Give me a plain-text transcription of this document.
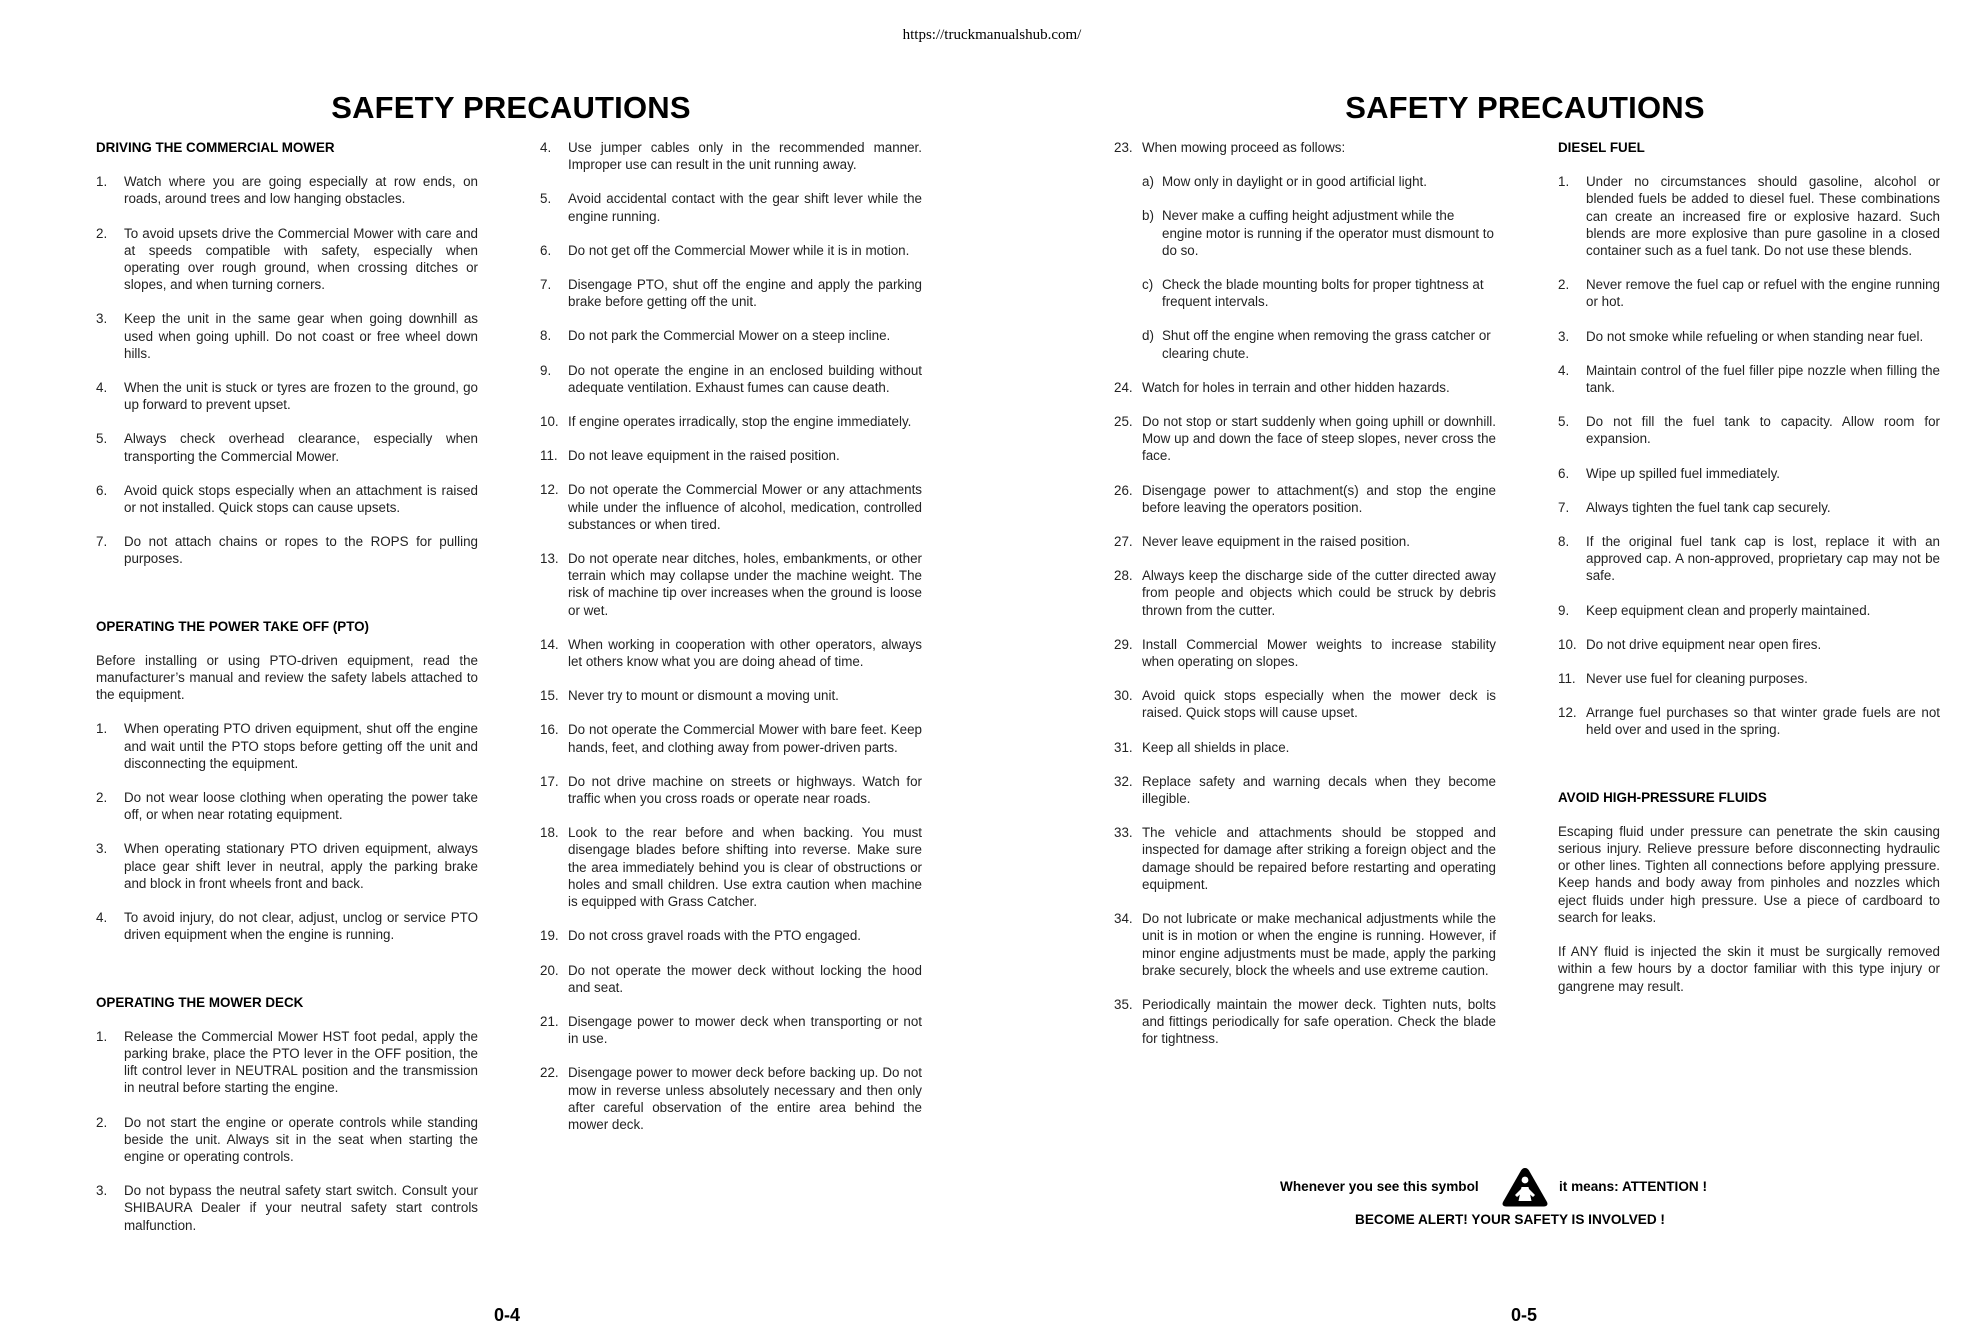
https://truckmanualshub.com/
SAFETY PRECAUTIONS
DRIVING THE COMMERCIAL MOWER
1.	Watch where you are going especially at row ends, on roads, around trees and low hanging obstacles.
2.	To avoid upsets drive the Commercial Mower with care and at speeds compatible with safety, especially when operating over rough ground, when crossing ditches or slopes, and when turning corners.
3.	Keep the unit in the same gear when going downhill as used when going uphill. Do not coast or free wheel down hills.
4.	When the unit is stuck or tyres are frozen to the ground, go up forward to prevent upset.
5.	Always check overhead clearance, especially when transporting the Commercial Mower.
6.	Avoid quick stops especially when an attachment is raised or not installed. Quick stops can cause upsets.
7.	Do not attach chains or ropes to the ROPS for pulling purposes.
OPERATING THE POWER TAKE OFF (PTO)
Before installing or using PTO-driven equipment, read the manufacturer’s manual and review the safety labels attached to the equipment.
1.	When operating PTO driven equipment, shut off the engine and wait until the PTO stops before getting off the unit and disconnecting the equipment.
2.	Do not wear loose clothing when operating the power take off, or when near rotating equipment.
3.	When operating stationary PTO driven equipment, always place gear shift lever in neutral, apply the parking brake and block in front wheels front and back.
4.	To avoid injury, do not clear, adjust, unclog or service PTO driven equipment when the engine is running.
OPERATING THE MOWER DECK
1.	Release the Commercial Mower HST foot pedal, apply the parking brake, place the PTO lever in the OFF position, the lift control lever in NEUTRAL position and the transmission in neutral before starting the engine.
2.	Do not start the engine or operate controls while standing beside the unit. Always sit in the seat when starting the engine or operating controls.
3.	Do not bypass the neutral safety start switch. Consult your SHIBAURA Dealer if your neutral safety start controls malfunction.
4.	Use jumper cables only in the recommended manner. Improper use can result in the unit running away.
5.	Avoid accidental contact with the gear shift lever while the engine running.
6.	Do not get off the Commercial Mower while it is in motion.
7.	Disengage PTO, shut off the engine and apply the parking brake before getting off the unit.
8.	Do not park the Commercial Mower on a steep incline.
9.	Do not operate the engine in an enclosed building without adequate ventilation. Exhaust fumes can cause death.
10. If engine operates irradically, stop the engine immediately.
11. Do not leave equipment in the raised position.
12. Do not operate the Commercial Mower or any attachments while under the influence of alcohol, medication, controlled substances or when tired.
13. Do not operate near ditches, holes, embankments, or other terrain which may collapse under the machine weight. The risk of machine tip over increases when the ground is loose or wet.
14. When working in cooperation with other operators, always let others know what you are doing ahead of time.
15. Never try to mount or dismount a moving unit.
16. Do not operate the Commercial Mower with bare feet. Keep hands, feet, and clothing away from power-driven parts.
17. Do not drive machine on streets or highways. Watch for traffic when you cross roads or operate near roads.
18. Look to the rear before and when backing. You must disengage blades before shifting into reverse. Make sure the area immediately behind you is clear of obstructions or holes and small children. Use extra caution when machine is equipped with Grass Catcher.
19. Do not cross gravel roads with the PTO engaged.
20. Do not operate the mower deck without locking the hood and seat.
21. Disengage power to mower deck when transporting or not in use.
22. Disengage power to mower deck before backing up. Do not mow in reverse unless absolutely necessary and then only after careful observation of the entire area behind the mower deck.
0-4
SAFETY PRECAUTIONS
23. When mowing proceed as follows:
a) Mow only in daylight or in good artificial light.
b) Never make a cuffing height adjustment while the engine motor is running if the operator must dismount to do so.
c) Check the blade mounting bolts for proper tightness at frequent intervals.
d) Shut off the engine when removing the grass catcher or clearing chute.
24. Watch for holes in terrain and other hidden hazards.
25. Do not stop or start suddenly when going uphill or downhill. Mow up and down the face of steep slopes, never cross the face.
26. Disengage power to attachment(s) and stop the engine before leaving the operators position.
27. Never leave equipment in the raised position.
28. Always keep the discharge side of the cutter directed away from people and objects which could be struck by debris thrown from the cutter.
29. Install Commercial Mower weights to increase stability when operating on slopes.
30. Avoid quick stops especially when the mower deck is raised. Quick stops will cause upset.
31. Keep all shields in place.
32. Replace safety and warning decals when they become illegible.
33. The vehicle and attachments should be stopped and inspected for damage after striking a foreign object and the damage should be repaired before restarting and operating equipment.
34. Do not lubricate or make mechanical adjustments while the unit is in motion or when the engine is running. However, if minor engine adjustments must be made, apply the parking brake securely, block the wheels and use extreme caution.
35. Periodically maintain the mower deck. Tighten nuts, bolts and fittings periodically for safe operation. Check the blade for tightness.
DIESEL FUEL
1.	Under no circumstances should gasoline, alcohol or blended fuels be added to diesel fuel. These combinations can create an increased fire or explosive hazard. Such blends are more explosive than pure gasoline in a closed container such as a fuel tank. Do not use these blends.
2.	Never remove the fuel cap or refuel with the engine running or hot.
3.	Do not smoke while refueling or when standing near fuel.
4.	Maintain control of the fuel filler pipe nozzle when filling the tank.
5.	Do not fill the fuel tank to capacity. Allow room for expansion.
6.	Wipe up spilled fuel immediately.
7.	Always tighten the fuel tank cap securely.
8.	If the original fuel tank cap is lost, replace it with an approved cap. A non-approved, proprietary cap may not be safe.
9.	Keep equipment clean and properly maintained.
10. Do not drive equipment near open fires.
11. Never use fuel for cleaning purposes.
12. Arrange fuel purchases so that winter grade fuels are not held over and used in the spring.
AVOID HIGH-PRESSURE FLUIDS
Escaping fluid under pressure can penetrate the skin causing serious injury. Relieve pressure before disconnecting hydraulic or other lines. Tighten all connections before applying pressure. Keep hands and body away from pinholes and nozzles which eject fluids under high pressure. Use a piece of cardboard to search for leaks.
If ANY fluid is injected the skin it must be surgically removed within a few hours by a doctor familiar with this type injury or gangrene may result.
Whenever you see this symbol	it means: ATTENTION !
BECOME ALERT! YOUR SAFETY IS INVOLVED !
0-5
